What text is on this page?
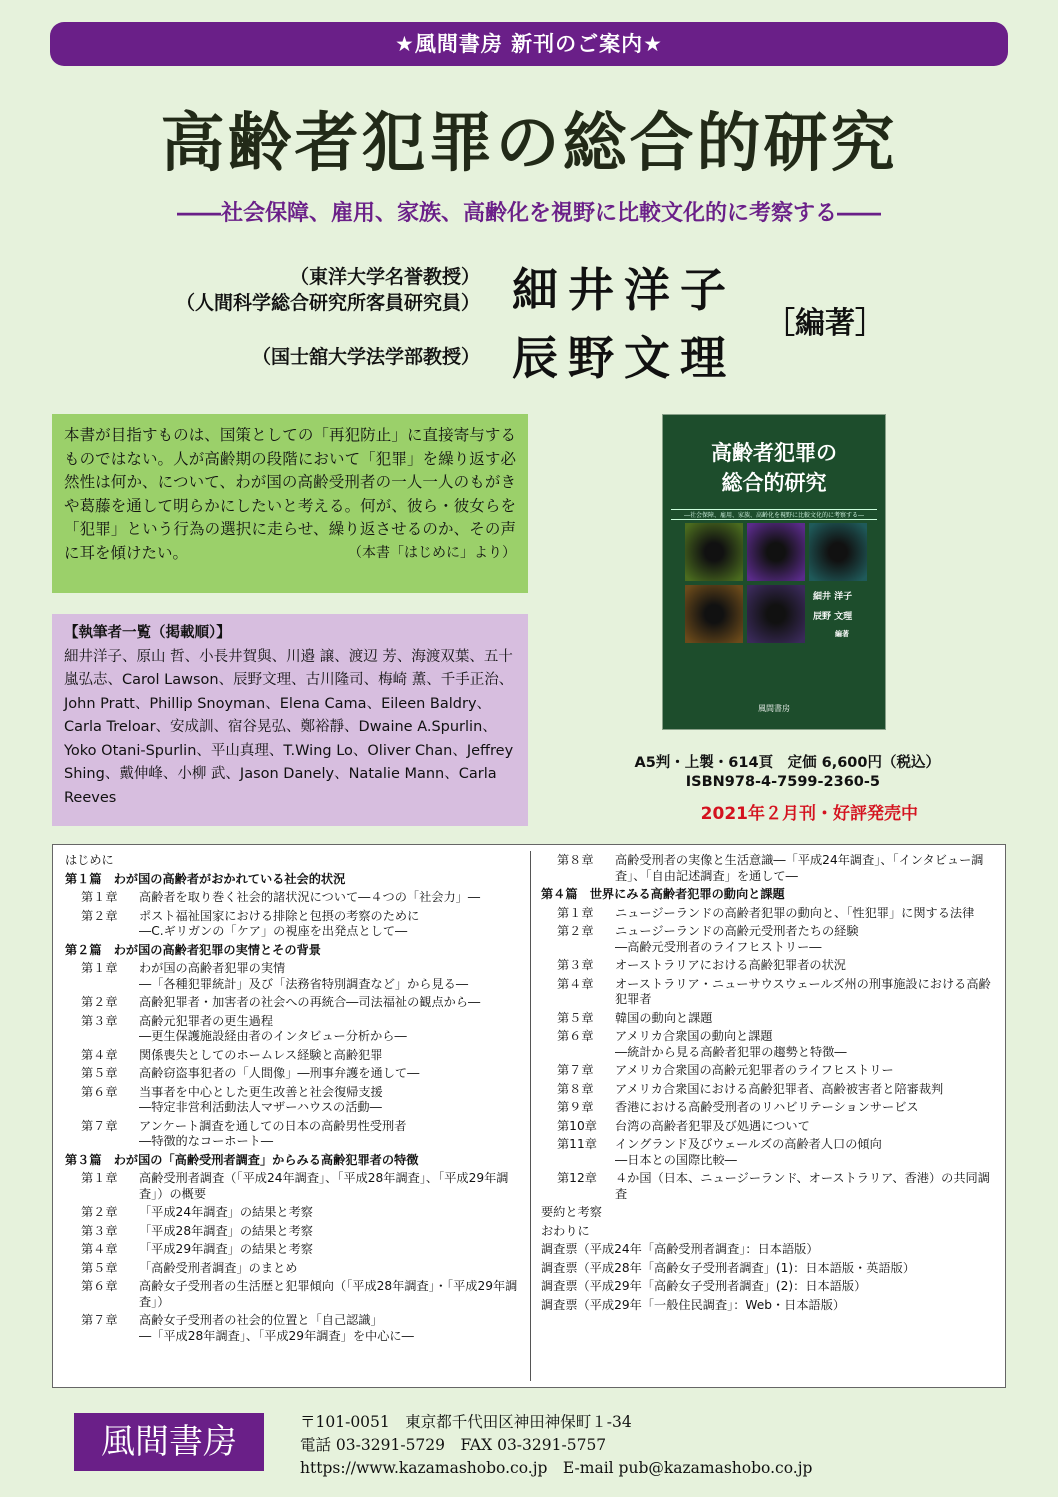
★風間書房 新刊のご案内★
高齢者犯罪の総合的研究
――社会保障、雇用、家族、高齢化を視野に比較文化的に考察する――
（東洋大学名誉教授）
（人間科学総合研究所客員研究員） 細井洋子
（国士舘大学法学部教授） 辰野文理
［編著］
本書が目指すものは、国策としての「再犯防止」に直接寄与するものではない。人が高齢期の段階において「犯罪」を繰り返す必然性は何か、について、わが国の高齢受刑者の一人一人のもがきや葛藤を通して明らかにしたいと考える。何が、彼ら・彼女らを「犯罪」という行為の選択に走らせ、繰り返させるのか、その声に耳を傾けたい。	（本書「はじめに」より）
【執筆者一覧（掲載順）】
細井洋子、原山 哲、小長井賀與、川邉 譲、渡辺 芳、海渡双葉、五十嵐弘志、Carol Lawson、辰野文理、古川隆司、梅崎 薫、千手正治、John Pratt、Phillip Snoyman、Elena Cama、Eileen Baldry、Carla Treloar、安成訓、宿谷晃弘、鄭裕靜、Dwaine A.Spurlin、Yoko Otani-Spurlin、平山真理、T.Wing Lo、Oliver Chan、Jeffrey Shing、戴伸峰、小柳 武、Jason Danely、Natalie Mann、Carla Reeves
高齢者犯罪の
総合的研究
―社会保障、雇用、家族、高齢化を視野に比較文化的に考察する―
細井 洋子
辰野 文理
編著
風間書房
A5判・上製・614頁　定価 6,600円（税込）
ISBN978-4-7599-2360-5
2021年２月刊・好評発売中
はじめに
第１篇　わが国の高齢者がおかれている社会的状況
第１章	高齢者を取り巻く社会的諸状況について―４つの「社会力」―
第２章	ポスト福祉国家における排除と包摂の考察のために
―C.ギリガンの「ケア」の視座を出発点として―
第２篇　わが国の高齢者犯罪の実情とその背景
第１章	わが国の高齢者犯罪の実情
―「各種犯罪統計」及び「法務省特別調査など」から見る―
第２章	高齢犯罪者・加害者の社会への再統合―司法福祉の観点から―
第３章	高齢元犯罪者の更生過程
―更生保護施設経由者のインタビュー分析から―
第４章	関係喪失としてのホームレス経験と高齢犯罪
第５章	高齢窃盗事犯者の「人間像」―刑事弁護を通して―
第６章	当事者を中心とした更生改善と社会復帰支援
―特定非営利活動法人マザーハウスの活動―
第７章	アンケート調査を通しての日本の高齢男性受刑者
―特徴的なコーホート―
第３篇　わが国の「高齢受刑者調査」からみる高齢犯罪者の特徴
第１章	高齢受刑者調査（「平成24年調査」、「平成28年調査」、「平成29年調査」）の概要
第２章	「平成24年調査」の結果と考察
第３章	「平成28年調査」の結果と考察
第４章	「平成29年調査」の結果と考察
第５章	「高齢受刑者調査」のまとめ
第６章	高齢女子受刑者の生活歴と犯罪傾向（「平成28年調査」・「平成29年調査」）
第７章	高齢女子受刑者の社会的位置と「自己認識」
―「平成28年調査」、「平成29年調査」を中心に―
第８章	高齢受刑者の実像と生活意識―「平成24年調査」、「インタビュー調査」、「自由記述調査」を通して―
第４篇　世界にみる高齢者犯罪の動向と課題
第１章	ニュージーランドの高齢者犯罪の動向と、「性犯罪」に関する法律
第２章	ニュージーランドの高齢元受刑者たちの経験
―高齢元受刑者のライフヒストリー―
第３章	オーストラリアにおける高齢犯罪者の状況
第４章	オーストラリア・ニューサウスウェールズ州の刑事施設における高齢犯罪者
第５章	韓国の動向と課題
第６章	アメリカ合衆国の動向と課題
―統計から見る高齢者犯罪の趨勢と特徴―
第７章	アメリカ合衆国の高齢元犯罪者のライフヒストリー
第８章	アメリカ合衆国における高齢犯罪者、高齢被害者と陪審裁判
第９章	香港における高齢受刑者のリハビリテーションサービス
第10章	台湾の高齢者犯罪及び処遇について
第11章	イングランド及びウェールズの高齢者人口の傾向
―日本との国際比較―
第12章	４か国（日本、ニュージーランド、オーストラリア、香港）の共同調査
要約と考察
おわりに
調査票（平成24年「高齢受刑者調査」：日本語版）
調査票（平成28年「高齢女子受刑者調査」(1)：日本語版・英語版）
調査票（平成29年「高齢女子受刑者調査」(2)：日本語版）
調査票（平成29年「一般住民調査」：Web・日本語版）
風間書房	〒101-0051　東京都千代田区神田神保町１-34
電話 03-3291-5729　FAX 03-3291-5757
https://www.kazamashobo.co.jp　E-mail pub@kazamashobo.co.jp
